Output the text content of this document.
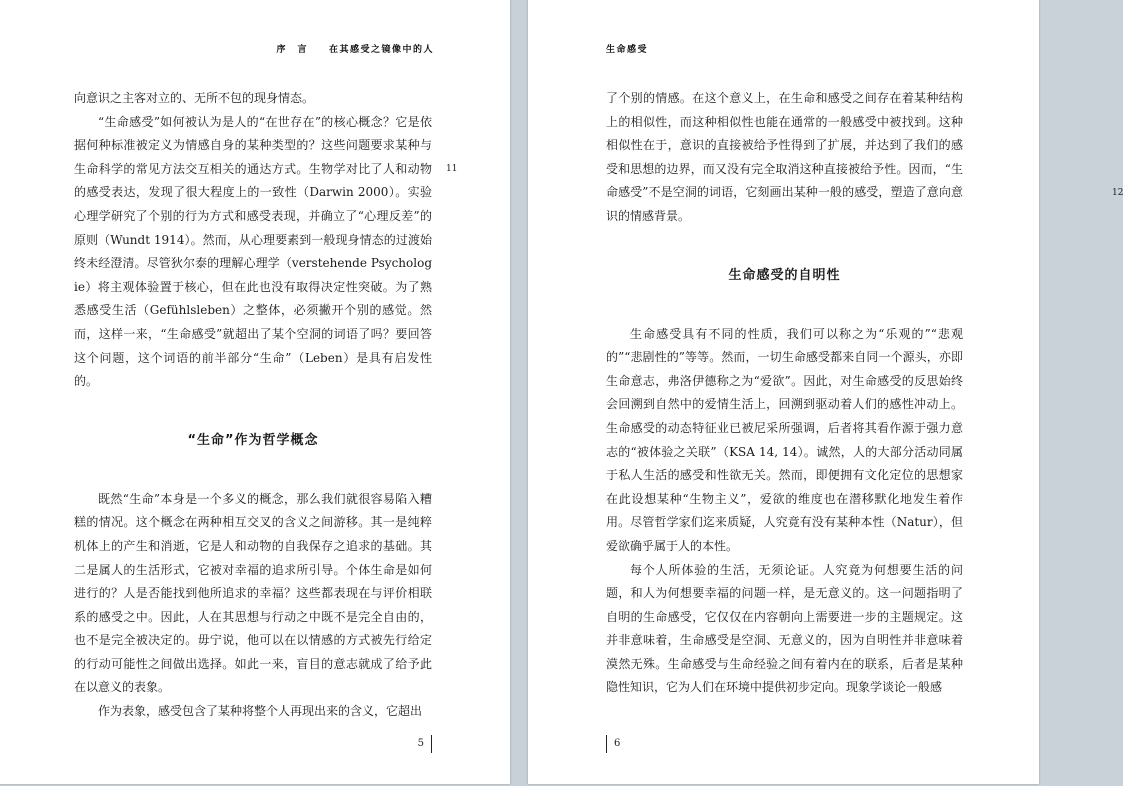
序　言　　在其感受之镜像中的人

向意识之主客对立的、无所不包的现身情态。

“生命感受”如何被认为是人的“在世存在”的核心概念？它是依据何种标准被定义为情感自身的某种类型的？这些问题要求某种与生命科学的常见方法交互相关的通达方式。生物学对比了人和动物的感受表达，发现了很大程度上的一致性（Darwin 2000）。实验心理学研究了个别的行为方式和感受表现，并确立了“心理反差”的原则（Wundt 1914）。然而，从心理要素到一般现身情态的过渡始终未经澄清。尽管狄尔泰的理解心理学（verstehende Psychologie）将主观体验置于核心，但在此也没有取得决定性突破。为了熟悉感受生活（Gefühlsleben）之整体，必须撇开个别的感觉。然而，这样一来，“生命感受”就超出了某个空洞的词语了吗？要回答这个问题，这个词语的前半部分“生命”（Leben）是具有启发性的。

“生命”作为哲学概念

既然“生命”本身是一个多义的概念，那么我们就很容易陷入糟糕的情况。这个概念在两种相互交叉的含义之间游移。其一是纯粹机体上的产生和消逝，它是人和动物的自我保存之追求的基础。其二是属人的生活形式，它被对幸福的追求所引导。个体生命是如何进行的？人是否能找到他所追求的幸福？这些都表现在与评价相联系的感受之中。因此，人在其思想与行动之中既不是完全自由的，也不是完全被决定的。毋宁说，他可以在以情感的方式被先行给定的行动可能性之间做出选择。如此一来，盲目的意志就成了给予此在以意义的表象。

作为表象，感受包含了某种将整个人再现出来的含义，它超出

11
5
生命感受

了个别的情感。在这个意义上，在生命和感受之间存在着某种结构上的相似性，而这种相似性也能在通常的一般感受中被找到。这种相似性在于，意识的直接被给予性得到了扩展，并达到了我们的感受和思想的边界，而又没有完全取消这种直接被给予性。因而，“生命感受”不是空洞的词语，它刻画出某种一般的感受，塑造了意向意识的情感背景。

生命感受的自明性

生命感受具有不同的性质，我们可以称之为“乐观的”“悲观的”“悲剧性的”等等。然而，一切生命感受都来自同一个源头，亦即生命意志，弗洛伊德称之为“爱欲”。因此，对生命感受的反思始终会回溯到自然中的爱情生活上，回溯到驱动着人们的感性冲动上。生命感受的动态特征业已被尼采所强调，后者将其看作源于强力意志的“被体验之关联”（KSA 14, 14）。诚然，人的大部分活动同属于私人生活的感受和性欲无关。然而，即便拥有文化定位的思想家在此设想某种“生物主义”，爱欲的维度也在潜移默化地发生着作用。尽管哲学家们迄来质疑，人究竟有没有某种本性（Natur），但爱欲确乎属于人的本性。

每个人所体验的生活，无须论证。人究竟为何想要生活的问题，和人为何想要幸福的问题一样，是无意义的。这一问题指明了自明的生命感受，它仅仅在内容朝向上需要进一步的主题规定。这并非意味着，生命感受是空洞、无意义的，因为自明性并非意味着漠然无殊。生命感受与生命经验之间有着内在的联系，后者是某种隐性知识，它为人们在环境中提供初步定向。现象学谈论一般感

12
6
